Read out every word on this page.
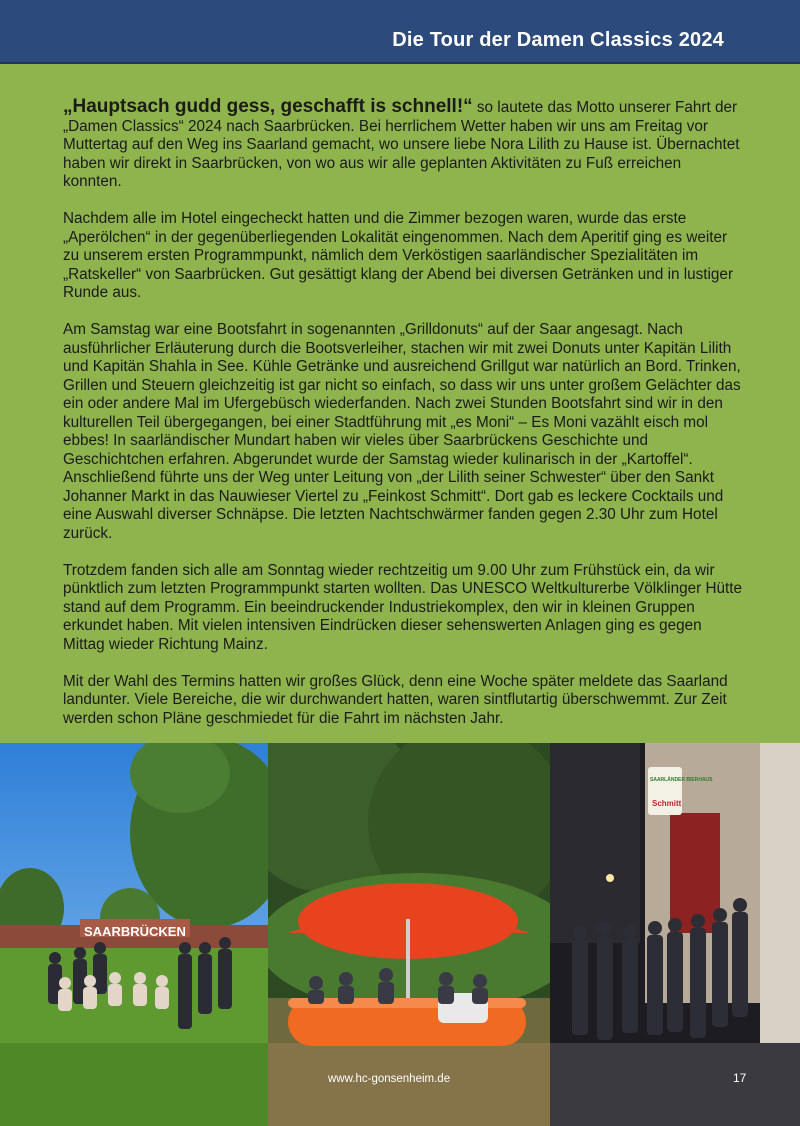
Die Tour der Damen Classics 2024

„Hauptsach gudd gess, geschafft is schnell!“ so lautete das Motto unserer Fahrt der „Damen Classics“ 2024 nach Saarbrücken. Bei herrlichem Wetter haben wir uns am Freitag vor Muttertag auf den Weg ins Saarland gemacht, wo unsere liebe Nora Lilith zu Hause ist. Übernachtet haben wir direkt in Saarbrücken, von wo aus wir alle geplanten Aktivitäten zu Fuß erreichen konnten.

Nachdem alle im Hotel eingecheckt hatten und die Zimmer bezogen waren, wurde das erste „Aperölchen“ in der gegenüberliegenden Lokalität eingenommen. Nach dem Aperitif ging es weiter zu unserem ersten Programmpunkt, nämlich dem Verköstigen saarländischer Spezialitäten im „Ratskeller“ von Saarbrücken. Gut gesättigt klang der Abend bei diversen Getränken und in lustiger Runde aus.

Am Samstag war eine Bootsfahrt in sogenannten „Grilldonuts“ auf der Saar angesagt. Nach ausführlicher Erläuterung durch die Bootsverleiher, stachen wir mit zwei Donuts unter Kapitän Lilith und Kapitän Shahla in See. Kühle Getränke und ausreichend Grillgut war natürlich an Bord. Trinken, Grillen und Steuern gleichzeitig ist gar nicht so einfach, so dass wir uns unter großem Gelächter das ein oder andere Mal im Ufergebüsch wiederfanden. Nach zwei Stunden Bootsfahrt sind wir in den kulturellen Teil übergegangen, bei einer Stadtführung mit „es Moni“ – Es Moni vazählt eisch mol ebbes! In saarländischer Mundart haben wir vieles über Saarbrückens Geschichte und Geschichtchen erfahren. Abgerundet wurde der Samstag wieder kulinarisch in der „Kartoffel“. Anschließend führte uns der Weg unter Leitung von „der Lilith seiner Schwester“ über den Sankt Johanner Markt in das Nauwieser Viertel zu „Feinkost Schmitt“. Dort gab es leckere Cocktails und eine Auswahl diverser Schnäpse. Die letzten Nachtschwärmer fanden gegen 2.30 Uhr zum Hotel zurück.

Trotzdem fanden sich alle am Sonntag wieder rechtzeitig um 9.00 Uhr zum Frühstück ein, da wir pünktlich zum letzten Programmpunkt starten wollten. Das UNESCO Weltkulturerbe Völklinger Hütte stand auf dem Programm. Ein beeindruckender Industriekomplex, den wir in kleinen Gruppen erkundet haben. Mit vielen intensiven Eindrücken dieser sehenswerten Anlagen ging es gegen Mittag wieder Richtung Mainz.

Mit der Wahl des Termins hatten wir großes Glück, denn eine Woche später meldete das Saarland landunter. Viele Bereiche, die wir durchwandert hatten, waren sintflutartig überschwemmt. Zur Zeit werden schon Pläne geschmiedet für die Fahrt im nächsten Jahr.

SAARBRÜCKEN
www.hc-gonsenheim.de
SAARLÄNDER BIERHAUS
Schmitt
17
